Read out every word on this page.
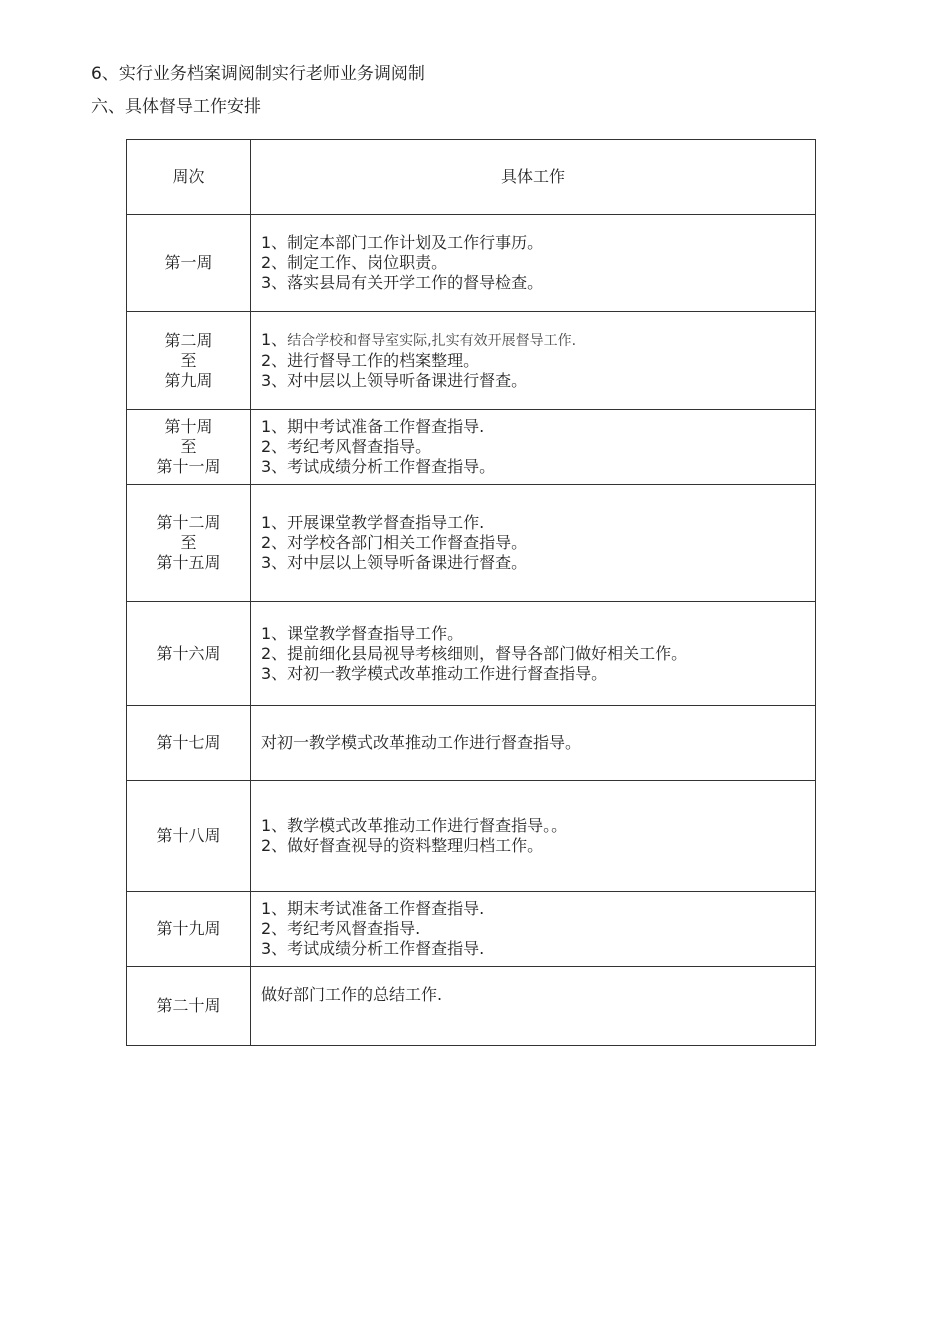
6、实行业务档案调阅制实行老师业务调阅制
六、具体督导工作安排
周次	具体工作

第一周	1、制定本部门工作计划及工作行事历。
2、制定工作、岗位职责。
3、落实县局有关开学工作的督导检查。

第二周
至
第九周	1、结合学校和督导室实际,扎实有效开展督导工作.
2、进行督导工作的档案整理。
3、对中层以上领导听备课进行督查。

第十周
至
第十一周	1、期中考试准备工作督查指导.
2、考纪考风督查指导。
3、考试成绩分析工作督查指导。

第十二周
至
第十五周	1、开展课堂教学督查指导工作.
2、对学校各部门相关工作督查指导。
3、对中层以上领导听备课进行督查。

第十六周	1、课堂教学督查指导工作。
2、提前细化县局视导考核细则，督导各部门做好相关工作。
3、对初一教学模式改革推动工作进行督查指导。

第十七周	对初一教学模式改革推动工作进行督查指导。

第十八周	1、教学模式改革推动工作进行督查指导。。
2、做好督查视导的资料整理归档工作。

第十九周	1、期末考试准备工作督查指导.
2、考纪考风督查指导.
3、考试成绩分析工作督查指导.

第二十周	做好部门工作的总结工作.
